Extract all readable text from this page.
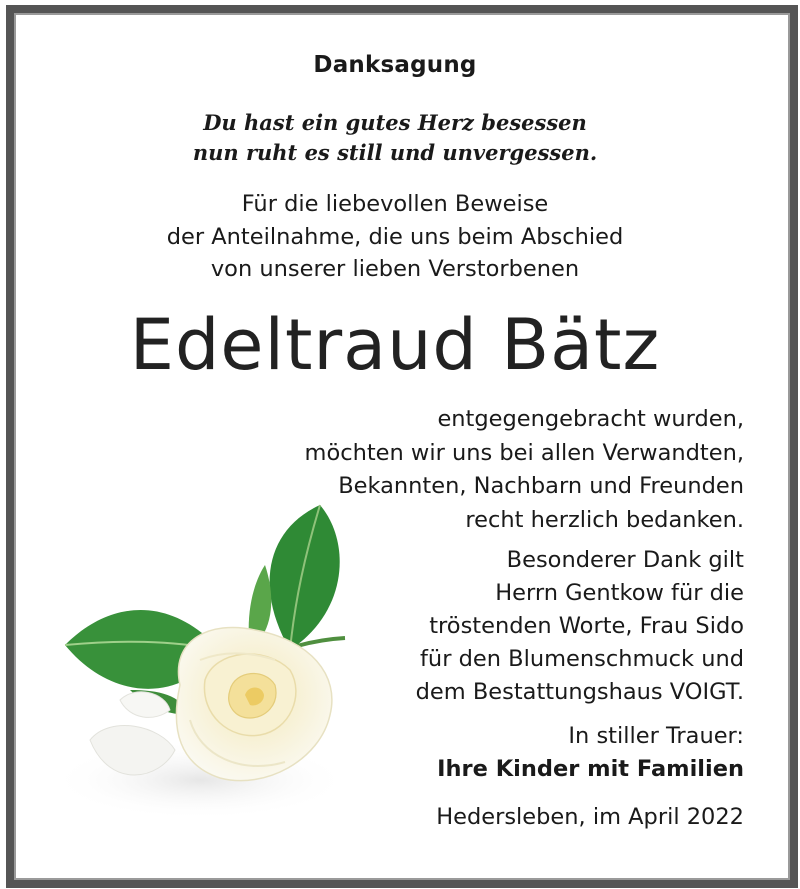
Danksagung
Du hast ein gutes Herz besessen
nun ruht es still und unvergessen.
Für die liebevollen Beweise
der Anteilnahme, die uns beim Abschied
von unserer lieben Verstorbenen
Edeltraud Bätz
entgegengebracht wurden,
möchten wir uns bei allen Verwandten,
Bekannten, Nachbarn und Freunden
recht herzlich bedanken.
Besonderer Dank gilt
Herrn Gentkow für die
tröstenden Worte, Frau Sido
für den Blumenschmuck und
dem Bestattungshaus VOIGT.
In stiller Trauer:
Ihre Kinder mit Familien
Hedersleben, im April 2022
